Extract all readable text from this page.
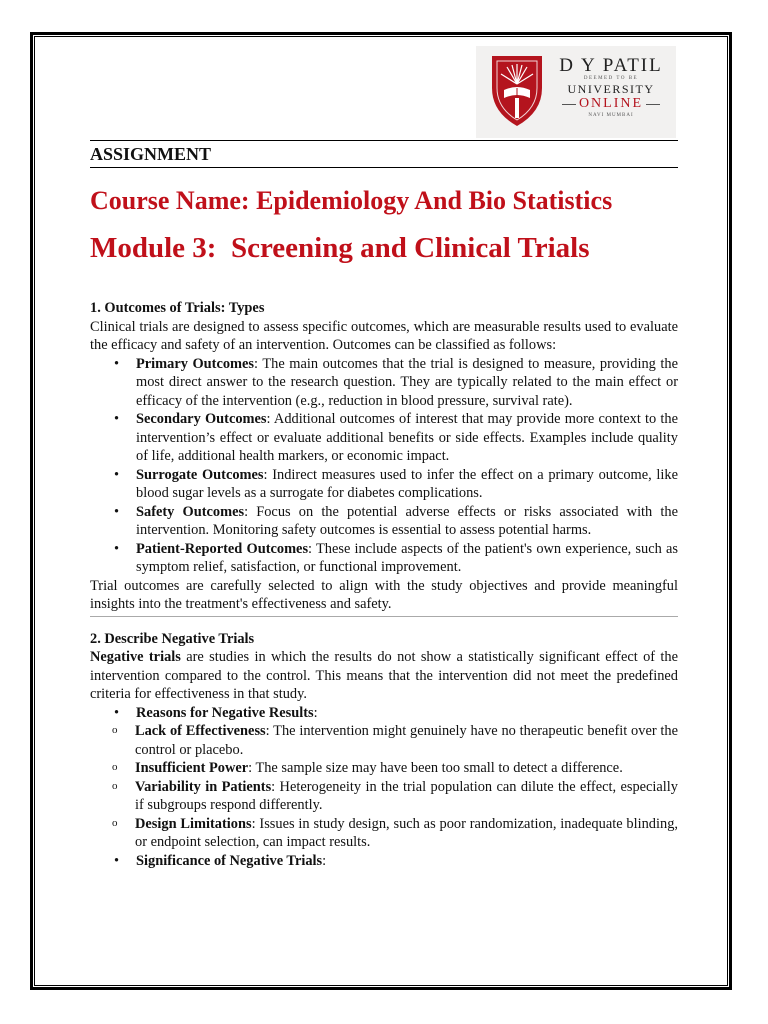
D Y PATIL
DEEMED TO BE
UNIVERSITY
ONLINE
NAVI MUMBAI
ASSIGNMENT
Course Name: Epidemiology And Bio Statistics
Module 3:  Screening and Clinical Trials
1. Outcomes of Trials: Types

Clinical trials are designed to assess specific outcomes, which are measurable results used to evaluate the efficacy and safety of an intervention. Outcomes can be classified as follows:

• Primary Outcomes: The main outcomes that the trial is designed to measure, providing the most direct answer to the research question. They are typically related to the main effect or efficacy of the intervention (e.g., reduction in blood pressure, survival rate).
• Secondary Outcomes: Additional outcomes of interest that may provide more context to the intervention’s effect or evaluate additional benefits or side effects. Examples include quality of life, additional health markers, or economic impact.
• Surrogate Outcomes: Indirect measures used to infer the effect on a primary outcome, like blood sugar levels as a surrogate for diabetes complications.
• Safety Outcomes: Focus on the potential adverse effects or risks associated with the intervention. Monitoring safety outcomes is essential to assess potential harms.
• Patient-Reported Outcomes: These include aspects of the patient's own experience, such as symptom relief, satisfaction, or functional improvement.

Trial outcomes are carefully selected to align with the study objectives and provide meaningful insights into the treatment's effectiveness and safety.

2. Describe Negative Trials

Negative trials are studies in which the results do not show a statistically significant effect of the intervention compared to the control. This means that the intervention did not meet the predefined criteria for effectiveness in that study.

• Reasons for Negative Results:
o Lack of Effectiveness: The intervention might genuinely have no therapeutic benefit over the control or placebo.
o Insufficient Power: The sample size may have been too small to detect a difference.
o Variability in Patients: Heterogeneity in the trial population can dilute the effect, especially if subgroups respond differently.
o Design Limitations: Issues in study design, such as poor randomization, inadequate blinding, or endpoint selection, can impact results.
• Significance of Negative Trials:
